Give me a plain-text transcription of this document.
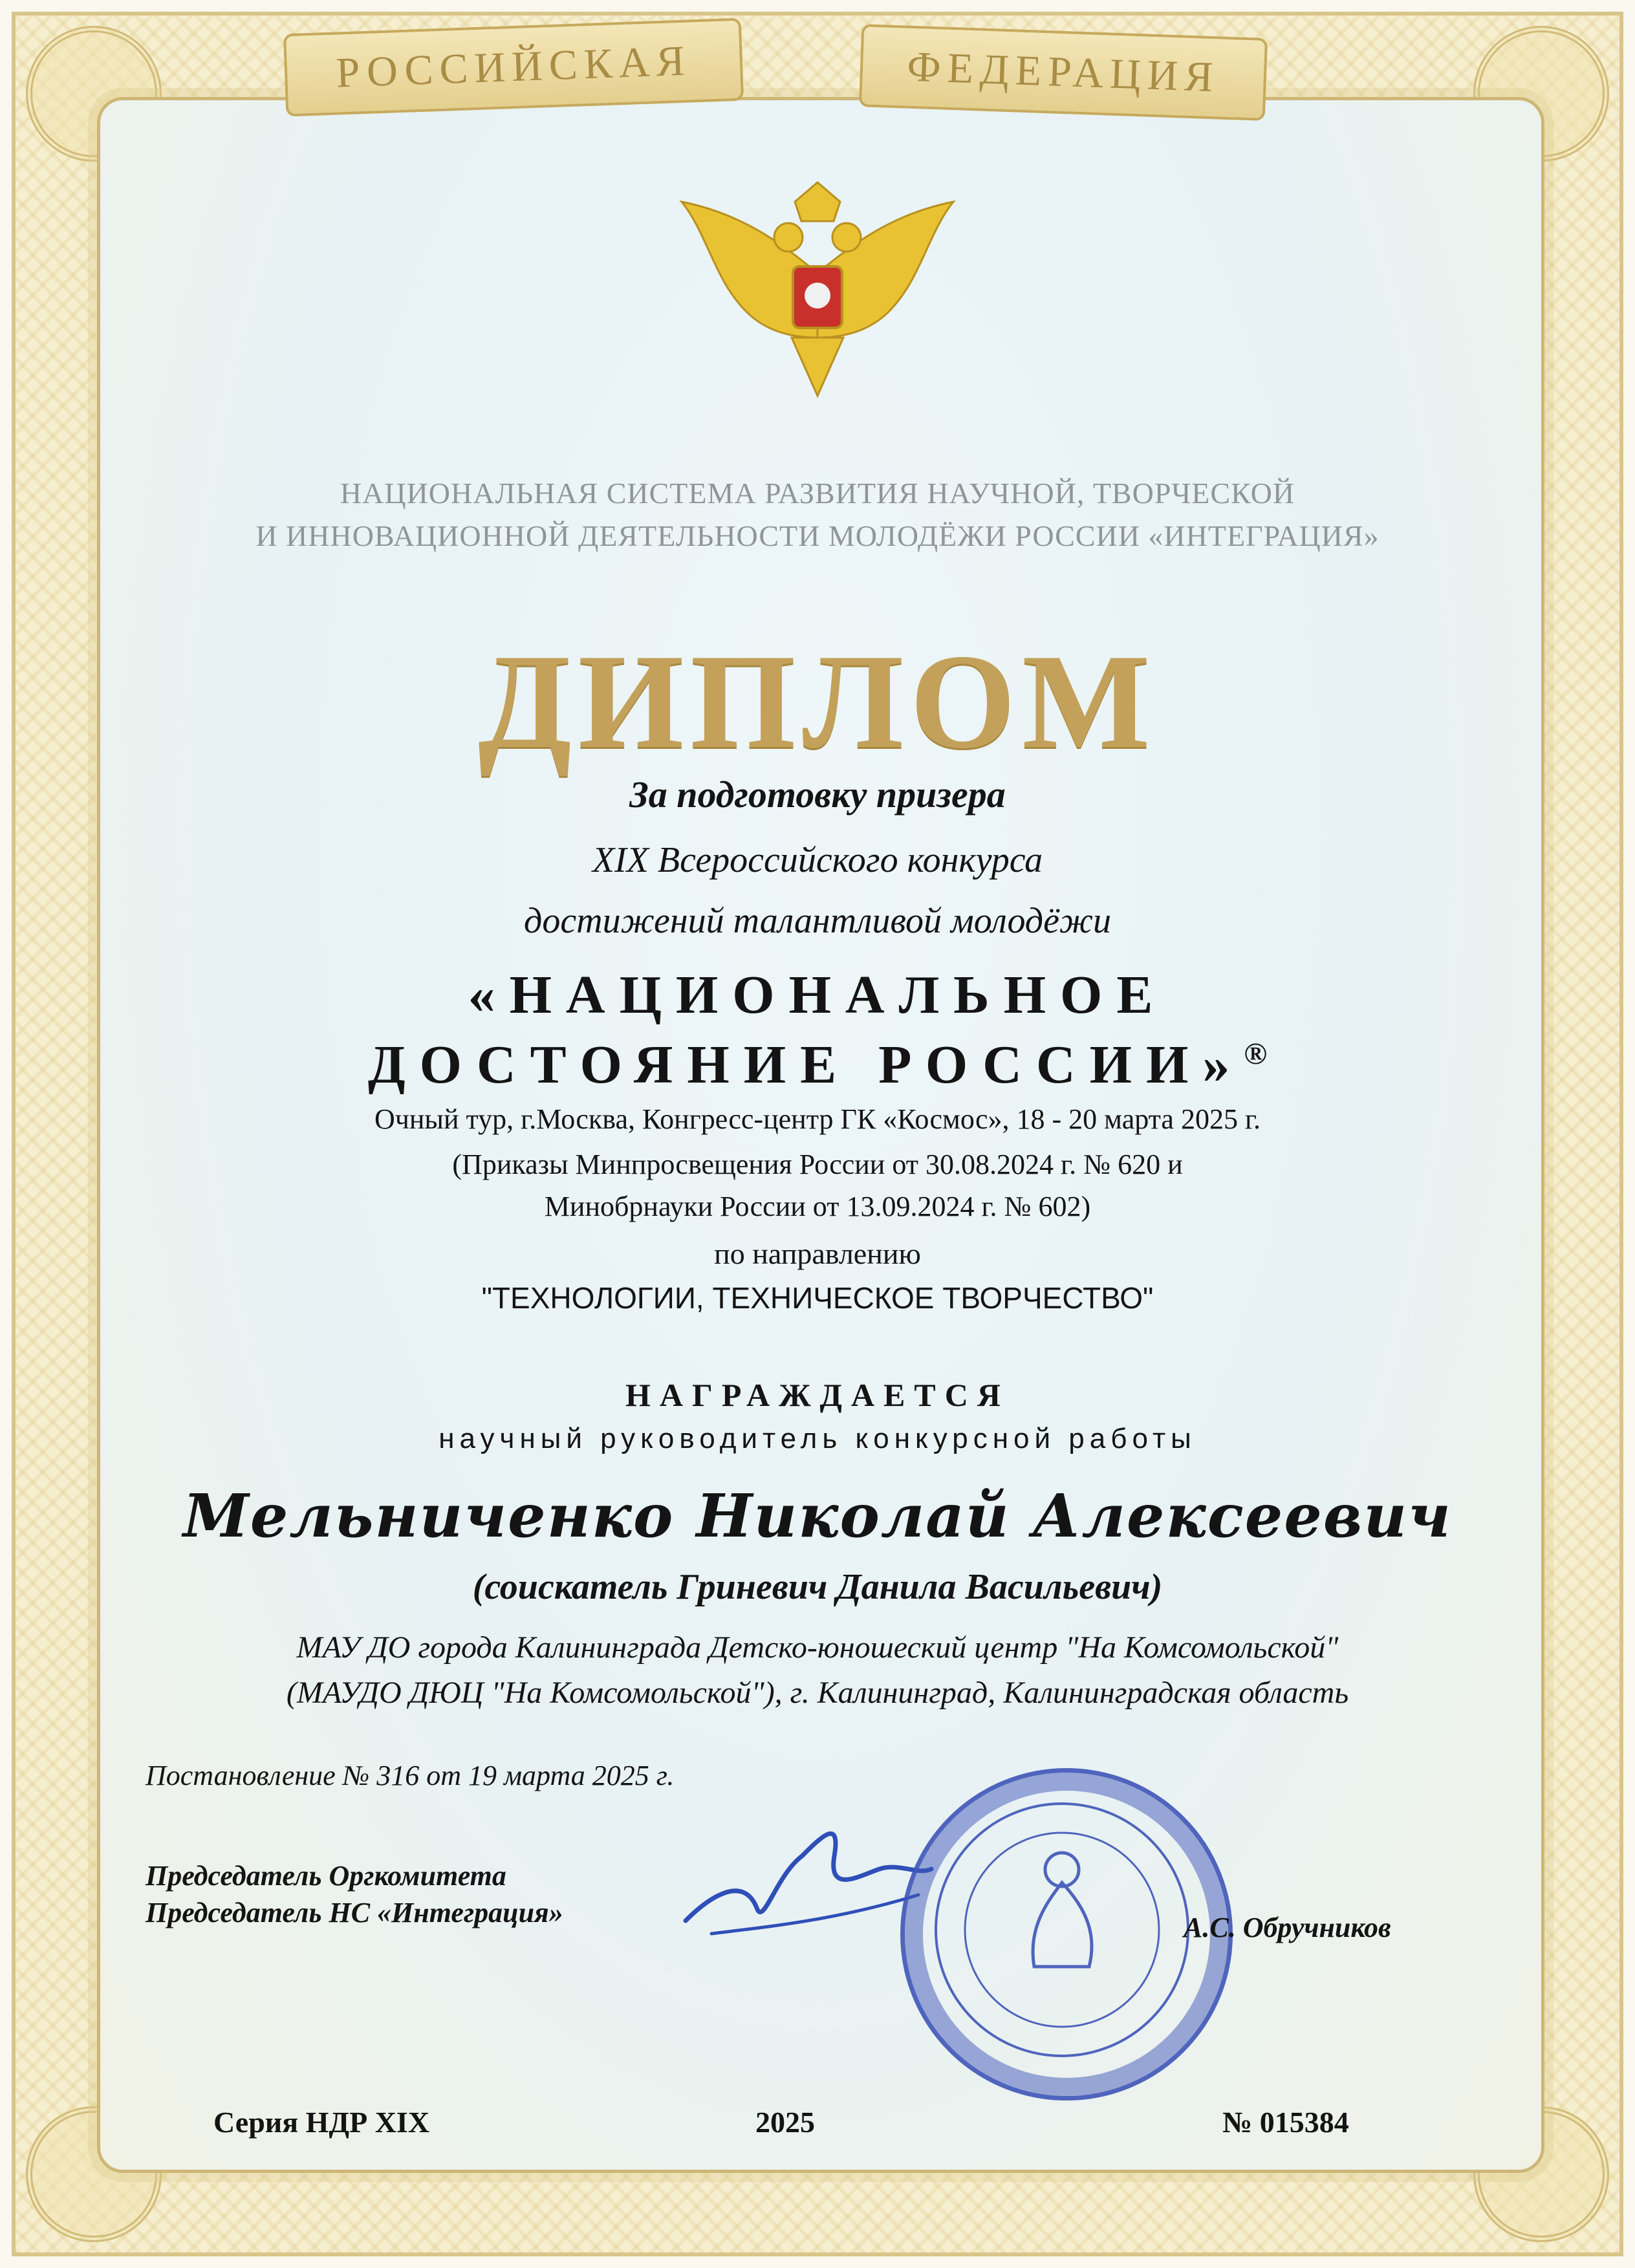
РОССИЙСКАЯ	ФЕДЕРАЦИЯ
НАЦИОНАЛЬНАЯ СИСТЕМА РАЗВИТИЯ НАУЧНОЙ, ТВОРЧЕСКОЙ
И ИННОВАЦИОННОЙ ДЕЯТЕЛЬНОСТИ МОЛОДЁЖИ РОССИИ «ИНТЕГРАЦИЯ»
ДИПЛОМ
За подготовку призера
XIX Всероссийского конкурса
достижений талантливой молодёжи
«НАЦИОНАЛЬНОЕ
ДОСТОЯНИЕ РОССИИ»®
Очный тур, г.Москва, Конгресс-центр ГК «Космос», 18 - 20 марта 2025 г.
(Приказы Минпросвещения России от 30.08.2024 г. № 620 и
Минобрнауки России от 13.09.2024 г. № 602)
по направлению
"ТЕХНОЛОГИИ, ТЕХНИЧЕСКОЕ ТВОРЧЕСТВО"
НАГРАЖДАЕТСЯ
научный руководитель конкурсной работы
Мельниченко Николай Алексеевич
(соискатель Гриневич Данила Васильевич)
МАУ ДО города Калининграда Детско-юношеский центр "На Комсомольской"
(МАУДО ДЮЦ "На Комсомольской"), г. Калининград, Калининградская область
Постановление № 316 от 19 марта 2025 г.
Председатель Оргкомитета
Председатель НС «Интеграция»	А.С. Обручников
Серия НДР XIX	2025	№ 015384
